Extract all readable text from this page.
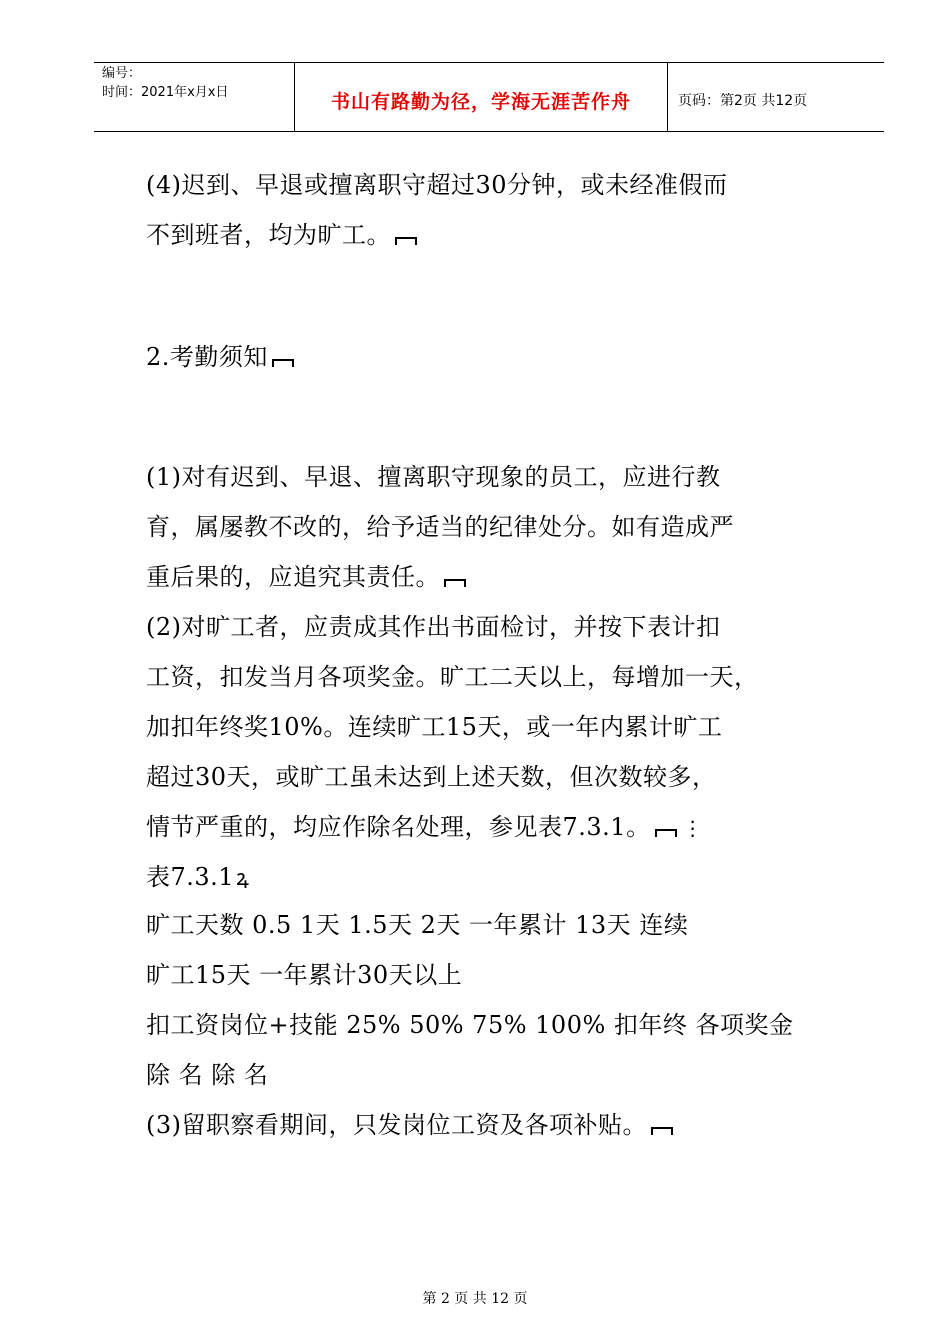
编号：
时间：2021年x月x日	书山有路勤为径，学海无涯苦作舟	页码：第2页 共12页
(4)迟到、早退或擅离职守超过30分钟，或未经准假而
不到班者，均为旷工。
2.考勤须知
(1)对有迟到、早退、擅离职守现象的员工，应进行教
育，属屡教不改的，给予适当的纪律处分。如有造成严
重后果的，应追究其责任。
(2)对旷工者，应责成其作出书面检讨，并按下表计扣
工资，扣发当月各项奖金。旷工二天以上，每增加一天，
加扣年终奖10%。连续旷工15天，或一年内累计旷工
超过30天，或旷工虽未达到上述天数，但次数较多，
情节严重的，均应作除名处理，参见表7.3.1。 ⋮
表7.3.1ꝝ
旷工天数 0.5 1天 1.5天 2天 一年累计 13天 连续
旷工15天 一年累计30天以上
扣工资岗位+技能 25% 50% 75% 100% 扣年终 各项奖金
除 名 除 名
(3)留职察看期间，只发岗位工资及各项补贴。
第 2 页 共 12 页
